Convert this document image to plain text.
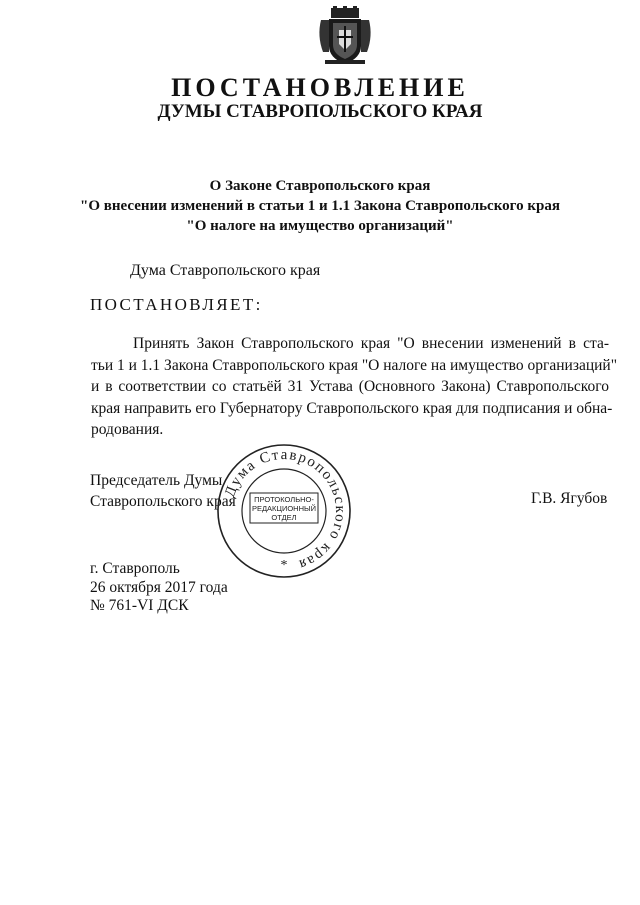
ПОСТАНОВЛЕНИЕ
ДУМЫ СТАВРОПОЛЬСКОГО КРАЯ
О Законе Ставропольского края
"О внесении изменений в статьи 1 и 1.1 Закона Ставропольского края
"О налоге на имущество организаций"
Дума Ставропольского края
ПОСТАНОВЛЯЕТ:
Принять Закон Ставропольского края "О внесении изменений в ста-
тьи 1 и 1.1 Закона Ставропольского края "О налоге на имущество организаций"
и в соответствии со статьёй 31 Устава (Основного Закона) Ставропольского
края направить его Губернатору Ставропольского края для подписания и обна-
родования.
Председатель Думы
Ставропольского края	Г.В. Ягубов
Дума Ставропольского края
ПРОТОКОЛЬНО-
РЕДАКЦИОННЫЙ
ОТДЕЛ
*
г. Ставрополь
26 октября 2017 года
№ 761-VI ДСК
